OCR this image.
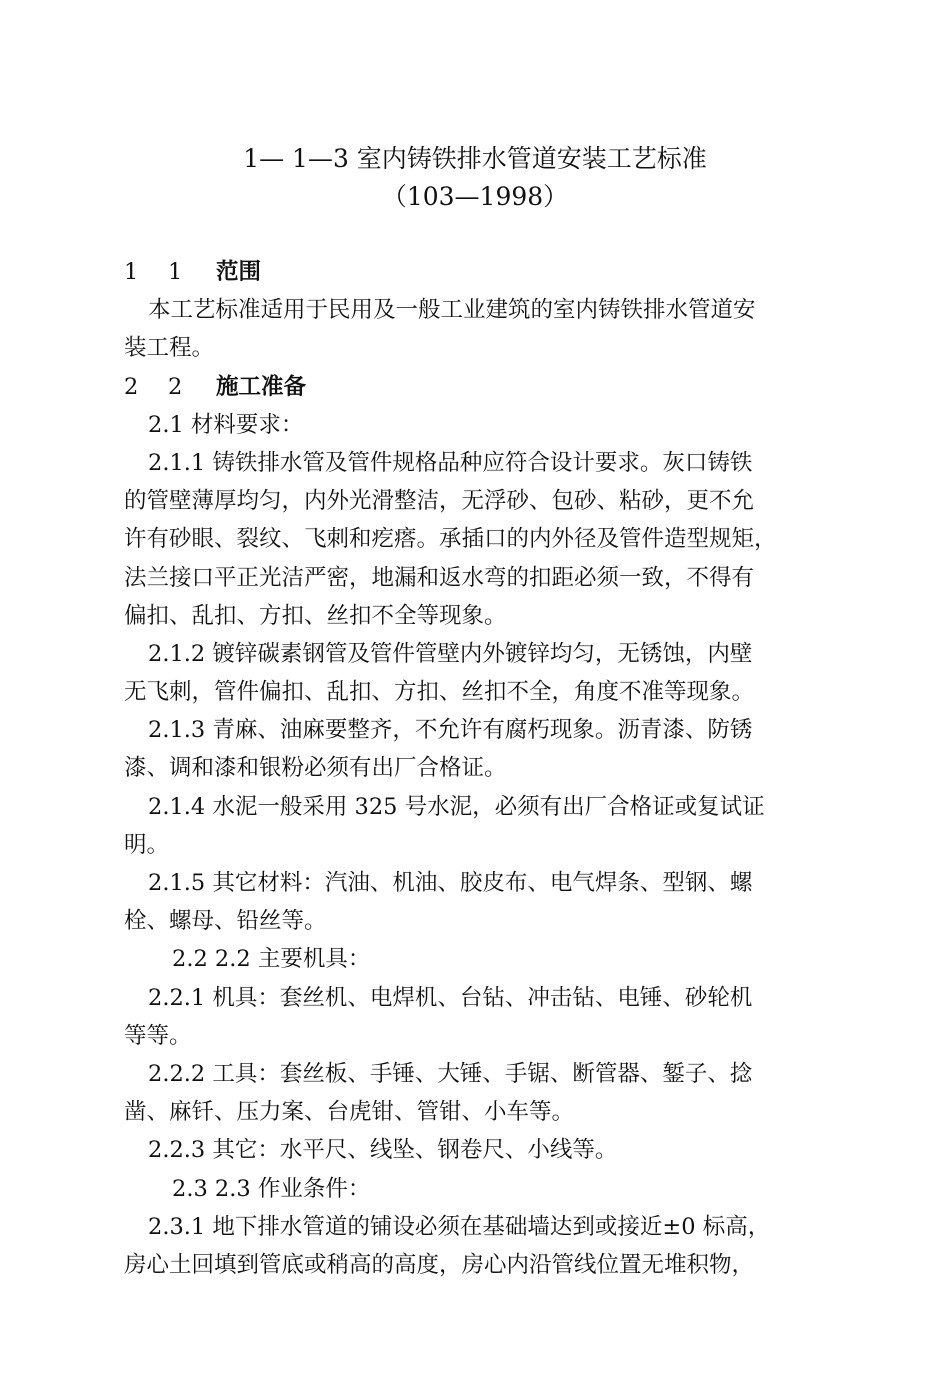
1— 1—3 室内铸铁排水管道安装工艺标准
（103—1998）
1 1 范围
本工艺标准适用于民用及一般工业建筑的室内铸铁排水管道安
装工程。
2 2 施工准备
2.1 材料要求：
2.1.1 铸铁排水管及管件规格品种应符合设计要求。灰口铸铁
的管壁薄厚均匀，内外光滑整洁，无浮砂、包砂、粘砂，更不允
许有砂眼、裂纹、飞刺和疙瘩。承插口的内外径及管件造型规矩，
法兰接口平正光洁严密，地漏和返水弯的扣距必须一致，不得有
偏扣、乱扣、方扣、丝扣不全等现象。
2.1.2 镀锌碳素钢管及管件管壁内外镀锌均匀，无锈蚀，内壁
无飞刺，管件偏扣、乱扣、方扣、丝扣不全，角度不准等现象。
2.1.3 青麻、油麻要整齐，不允许有腐朽现象。沥青漆、防锈
漆、调和漆和银粉必须有出厂合格证。
2.1.4 水泥一般采用 325 号水泥，必须有出厂合格证或复试证
明。
2.1.5 其它材料：汽油、机油、胶皮布、电气焊条、型钢、螺
栓、螺母、铅丝等。
2.2 2.2 主要机具：
2.2.1 机具：套丝机、电焊机、台钻、冲击钻、电锤、砂轮机
等等。
2.2.2 工具：套丝板、手锤、大锤、手锯、断管器、錾子、捻
凿、麻钎、压力案、台虎钳、管钳、小车等。
2.2.3 其它：水平尺、线坠、钢卷尺、小线等。
2.3 2.3 作业条件：
2.3.1 地下排水管道的铺设必须在基础墙达到或接近±0 标高，
房心土回填到管底或稍高的高度，房心内沿管线位置无堆积物，
